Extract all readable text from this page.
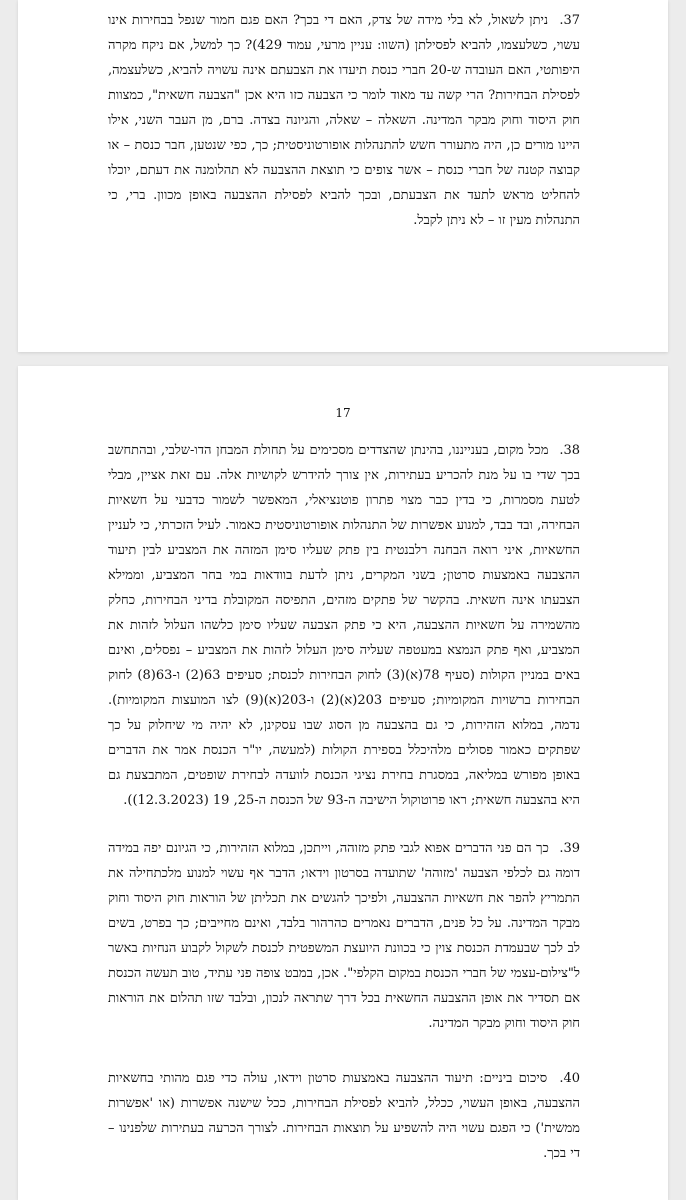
37. ניתן לשאול, לא בלי מידה של צדק, האם די בכך? האם פגם חמור שנפל בבחירות אינו עשוי, כשלעצמו, להביא לפסילתן (השוו: עניין מרעי, עמוד 429)? כך למשל, אם ניקח מקרה היפותטי, האם העובדה ש-20 חברי כנסת תיעדו את הצבעתם אינה עשויה להביא, כשלעצמה, לפסילת הבחירות? הרי קשה עד מאוד לומר כי הצבעה כזו היא אכן "הצבעה חשאית", כמצוות חוק היסוד וחוק מבקר המדינה. השאלה – שאלה, והגיונה בצדה. ברם, מן העבר השני, אילו היינו מורים כן, היה מתעורר חשש להתנהלות אופורטוניסטית; כך, כפי שנטען, חבר כנסת – או קבוצה קטנה של חברי כנסת – אשר צופים כי תוצאת ההצבעה לא תהלומנה את דעתם, יוכלו להחליט מראש לתעד את הצבעתם, ובכך להביא לפסילת ההצבעה באופן מכוון. ברי, כי התנהלות מעין זו – לא ניתן לקבל.

17

38. מכל מקום, בענייננו, בהינתן שהצדדים מסכימים על תחולת המבחן הדו-שלבי, ובהתחשב בכך שדי בו על מנת להכריע בעתירות, אין צורך להידרש לקושיות אלה. עם זאת אציין, מבלי לטעת מסמרות, כי בדין כבר מצוי פתרון פוטנציאלי, המאפשר לשמור כדבעי על חשאיות הבחירה, ובד בבד, למנוע אפשרות של התנהלות אופורטוניסטית כאמור. לעיל הזכרתי, כי לעניין החשאיות, איני רואה הבחנה רלבנטית בין פתק שעליו סימן המזהה את המצביע לבין תיעוד ההצבעה באמצעות סרטון; בשני המקרים, ניתן לדעת בוודאות במי בחר המצביע, וממילא הצבעתו אינה חשאית. בהקשר של פתקים מזהים, התפיסה המקובלת בדיני הבחירות, כחלק מהשמירה על חשאיות ההצבעה, היא כי פתק הצבעה שעליו סימן כלשהו העלול לזהות את המצביע, ואף פתק הנמצא במעטפה שעליה סימן העלול לזהות את המצביע – נפסלים, ואינם באים במניין הקולות (סעיף 78(א)(3) לחוק הבחירות לכנסת; סעיפים 63(2) ו-63(8) לחוק הבחירות ברשויות המקומיות; סעיפים 203(א)(2) ו-203(א)(9) לצו המועצות המקומיות). נדמה, במלוא הזהירות, כי גם בהצבעה מן הסוג שבו עסקינן, לא יהיה מי שיחלוק על כך שפתקים כאמור פסולים מלהיכלל בספירת הקולות (למעשה, יו"ר הכנסת אמר את הדברים באופן מפורש במליאה, במסגרת בחירת נציגי הכנסת לוועדה לבחירת שופטים, המתבצעת גם היא בהצבעה חשאית; ראו פרוטוקול הישיבה ה-93 של הכנסת ה-25, 19 (12.3.2023)).

39. כך הם פני הדברים אפוא לגבי פתק מזוהה, וייתכן, במלוא הזהירות, כי הגיונם יפה במידה דומה גם לכלפי הצבעה 'מזוהה' שתועדה בסרטון וידאו; הדבר אף עשוי למנוע מלכתחילה את התמריץ להפר את חשאיות ההצבעה, ולפיכך להגשים את תכליתן של הוראות חוק היסוד וחוק מבקר המדינה. על כל פנים, הדברים נאמרים כהרהור בלבד, ואינם מחייבים; כך בפרט, בשים לב לכך שבעמדת הכנסת צוין כי בכוונת היועצת המשפטית לכנסת לשקול לקבוע הנחיות באשר ל"צילום-עצמי של חברי הכנסת במקום הקלפי". אכן, במבט צופה פני עתיד, טוב תעשה הכנסת אם תסדיר את אופן ההצבעה החשאית בכל דרך שתראה לנכון, ובלבד שזו תהלום את הוראות חוק היסוד וחוק מבקר המדינה.

40. סיכום ביניים: תיעוד ההצבעה באמצעות סרטון וידאו, עולה כדי פגם מהותי בחשאיות ההצבעה, באופן העשוי, ככלל, להביא לפסילת הבחירות, ככל שישנה אפשרות (או 'אפשרות ממשית') כי הפגם עשוי היה להשפיע על תוצאות הבחירות. לצורך הכרעה בעתירות שלפנינו – די בכך.
